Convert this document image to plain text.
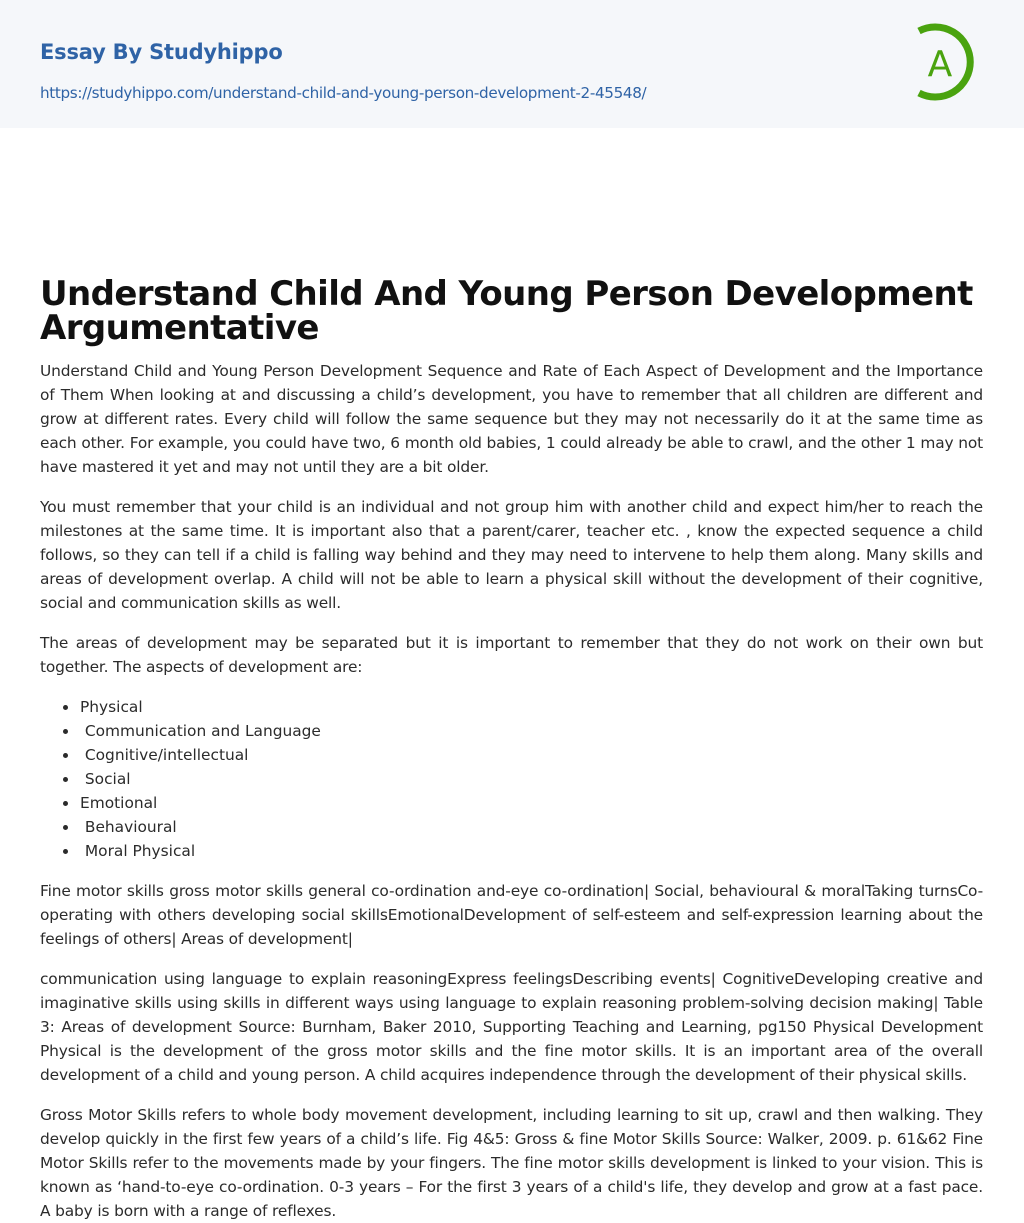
Essay By Studyhippo
https://studyhippo.com/understand-child-and-young-person-development-2-45548/
A
Understand Child And Young Person Development Argumentative

Understand Child and Young Person Development Sequence and Rate of Each Aspect of Development and the Importance of Them When looking at and discussing a child’s development, you have to remember that all children are different and grow at different rates. Every child will follow the same sequence but they may not necessarily do it at the same time as each other. For example, you could have two, 6 month old babies, 1 could already be able to crawl, and the other 1 may not have mastered it yet and may not until they are a bit older.

You must remember that your child is an individual and not group him with another child and expect him/her to reach the milestones at the same time. It is important also that a parent/carer, teacher etc. , know the expected sequence a child follows, so they can tell if a child is falling way behind and they may need to intervene to help them along. Many skills and areas of development overlap. A child will not be able to learn a physical skill without the development of their cognitive, social and communication skills as well.

The areas of development may be separated but it is important to remember that they do not work on their own but together. The aspects of development are:

Physical
Communication and Language
Cognitive/intellectual
Social
Emotional
Behavioural
Moral Physical

Fine motor skills gross motor skills general co-ordination and-eye co-ordination| Social, behavioural & moralTaking turnsCo-operating with others developing social skillsEmotionalDevelopment of self-esteem and self-expression learning about the feelings of others| Areas of development|

communication using language to explain reasoningExpress feelingsDescribing events| CognitiveDeveloping creative and imaginative skills using skills in different ways using language to explain reasoning problem-solving decision making| Table 3: Areas of development Source: Burnham, Baker 2010, Supporting Teaching and Learning, pg150 Physical Development Physical is the development of the gross motor skills and the fine motor skills. It is an important area of the overall development of a child and young person. A child acquires independence through the development of their physical skills.

Gross Motor Skills refers to whole body movement development, including learning to sit up, crawl and then walking. They develop quickly in the first few years of a child’s life. Fig 4&5: Gross & fine Motor Skills Source: Walker, 2009. p. 61&62 Fine Motor Skills refer to the movements made by your fingers. The fine motor skills development is linked to your vision. This is known as ‘hand-to-eye co-ordination. 0-3 years – For the first 3 years of a child's life, they develop and grow at a fast pace. A baby is born with a range of reflexes.
